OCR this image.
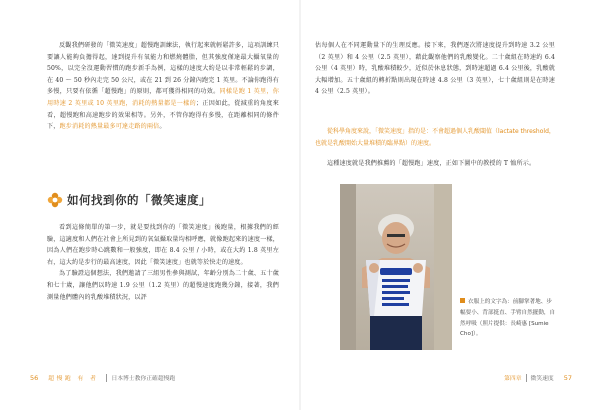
反觀我們研發的「微笑速度」超慢跑訓練法，執行起來就輕鬆許多，這項訓練只要讓人能夠負擔得起，達到提升有氧能力和燃燒體脂，但其強度僅達最大攝氧量的 50%，以完全沒運動習慣的跑步新手為例，這樣的速度大約是以非常輕鬆的步調，在 40 ～ 50 秒內走完 50 公尺，或在 21 到 26 分鐘內跑完 1 英里。不論你跑得有多慢，只要有依循「超慢跑」的原則，都可獲得相同的功效。同樣是跑 1 英里，你用時速 2 英里或 10 英里跑，消耗的熱量都是一樣的；正因如此，從減重的角度來看，超慢跑和高速跑步的效果相等。另外，不管你跑得有多慢，在距離相同的條件下，跑步消耗的熱量最多可達走路的兩倍。

如何找到你的「微笑速度」

看到這條簡單的第一步，就是要找到你的「微笑速度」後跑量，根據我們的經驗，這適度和人們在社會上所見到的氧氣攝取量均相呼應，就像跑起來的速度一樣，因為人們在跑步時心跳數和一般強度，即在 8.4 公里 / 小時，或在大約 1.8 英里左右，這大約是步行的最高速度，因此「微笑速度」也就等於快走的速度。

為了驗證這個想法，我們邀請了三組男性參與測試，年齡分別為二十歲、五十歲和七十歲，讓他們以時速 1.9 公里（1.2 英里）的超慢速度跑幾分鐘，接著，我們測量他們體內的乳酸堆積狀況，以評

估每個人在不同運動量下的生理反應。接下來，我們逐次將速度提升到時速 3.2 公里（2 英里）和 4 公里（2.5 英里），藉此觀察他們的乳酸變化。二十歲組在時速約 6.4 公里（4 英里）時，乳酸堆積較少，近似於休息狀態，到時速超過 6.4 公里後，乳酸就大幅增加。五十歲組的轉折點則出現在時速 4.8 公里（3 英里），七十歲組則是在時速 4 公里（2.5 英里）。

從科學角度來說，「微笑速度」指的是：不會超過個人乳酸閾值（lactate threshold，也就是乳酸開始大量堆積的臨界點）的速度。

這種速度就是我們推薦的「超慢跑」速度，正如下圖中的教授的 T 恤所示。

衣服上的文字為：前腳掌著地、步幅要小、背部挺直、手臂自然擺動，自然呼吸（照片提供：長崎惠 [Sumie Cho]）。
56 超慢跑 有 者 日本博士教你正確超慢跑	第四章 微笑速度 57
